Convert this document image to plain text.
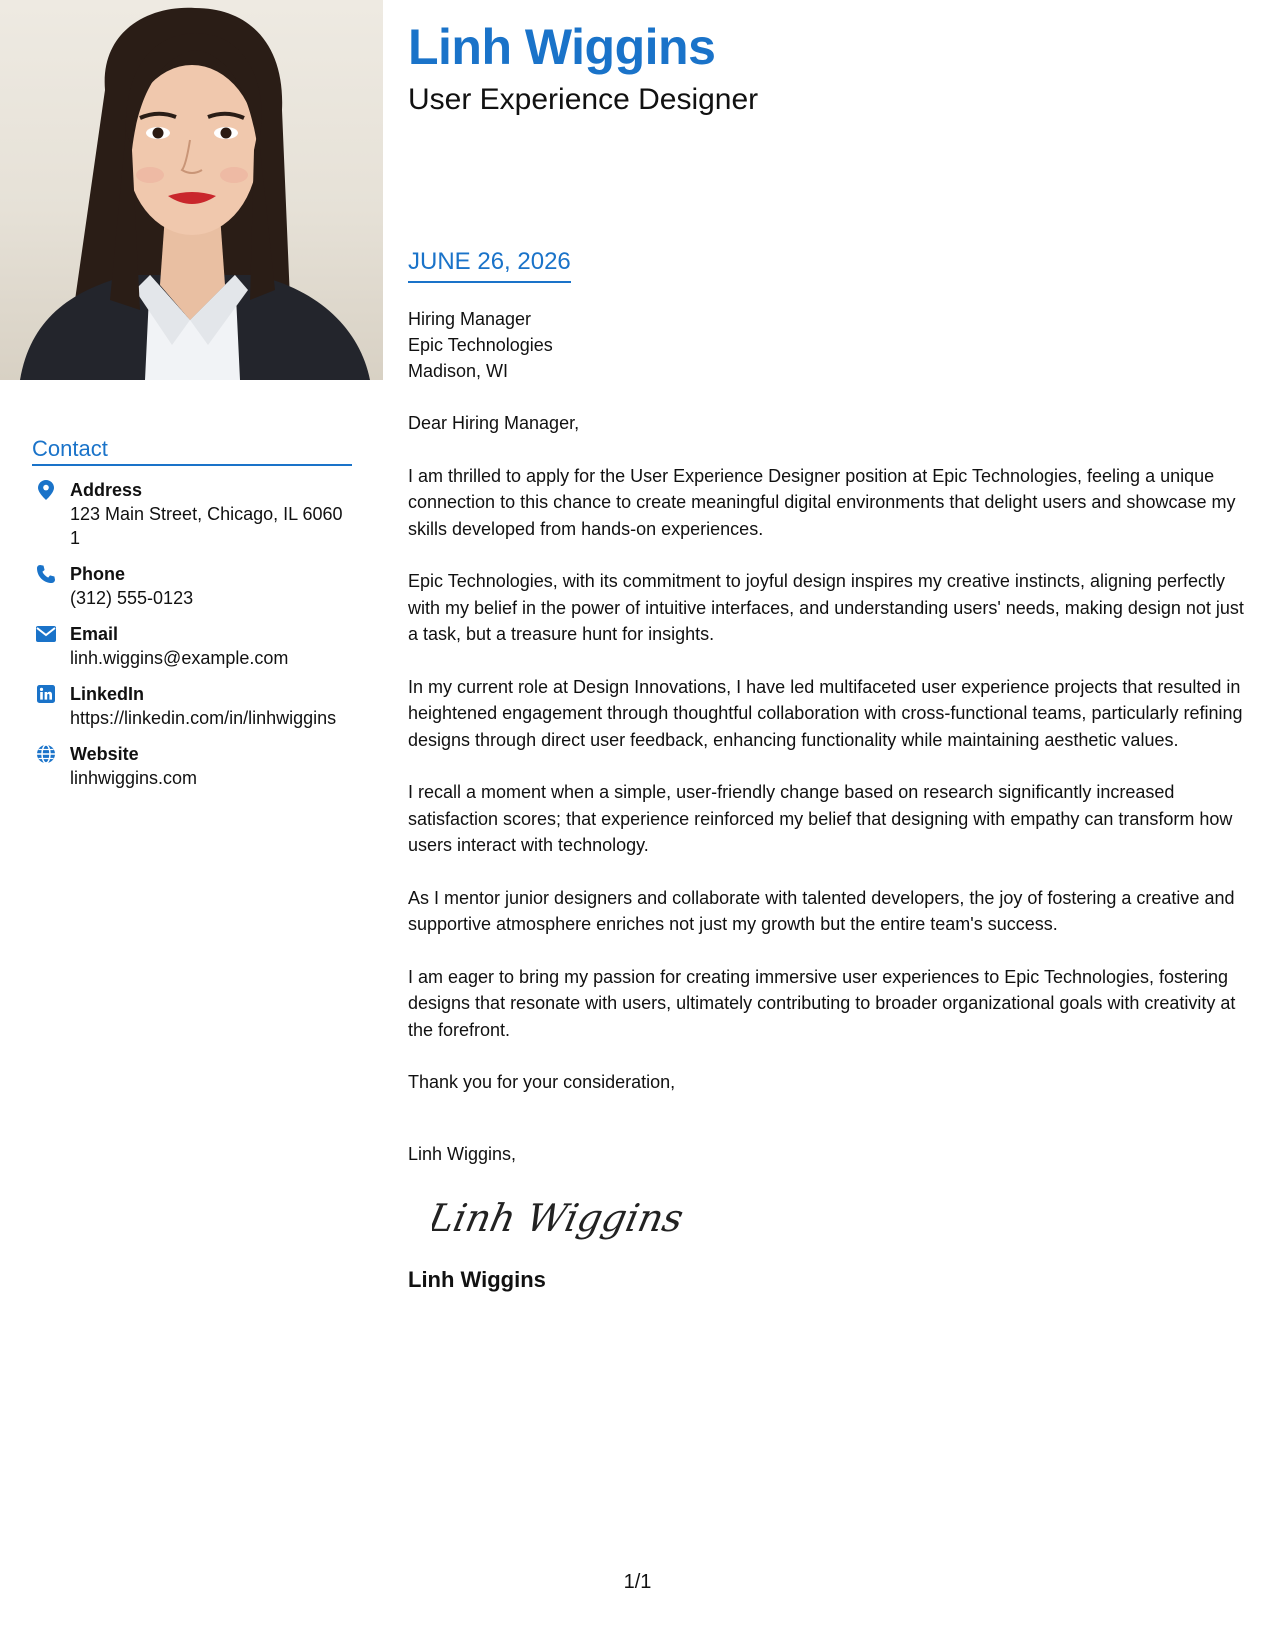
Contact
Address
123 Main Street, Chicago, IL 60601
Phone
(312) 555-0123
Email
linh.wiggins@example.com
LinkedIn
https://linkedin.com/in/linhwiggins
Website
linhwiggins.com
Linh Wiggins
User Experience Designer
JUNE 26, 2026
Hiring Manager
Epic Technologies
Madison, WI

Dear Hiring Manager,

I am thrilled to apply for the User Experience Designer position at Epic Technologies, feeling a unique connection to this chance to create meaningful digital environments that delight users and showcase my skills developed from hands-on experiences.

Epic Technologies, with its commitment to joyful design inspires my creative instincts, aligning perfectly with my belief in the power of intuitive interfaces, and understanding users' needs, making design not just a task, but a treasure hunt for insights.

In my current role at Design Innovations, I have led multifaceted user experience projects that resulted in heightened engagement through thoughtful collaboration with cross-functional teams, particularly refining designs through direct user feedback, enhancing functionality while maintaining aesthetic values.

I recall a moment when a simple, user-friendly change based on research significantly increased satisfaction scores; that experience reinforced my belief that designing with empathy can transform how users interact with technology.

As I mentor junior designers and collaborate with talented developers, the joy of fostering a creative and supportive atmosphere enriches not just my growth but the entire team's success.

I am eager to bring my passion for creating immersive user experiences to Epic Technologies, fostering designs that resonate with users, ultimately contributing to broader organizational goals with creativity at the forefront.

Thank you for your consideration,

Linh Wiggins,

Linh Wiggins
Linh Wiggins
1/1
